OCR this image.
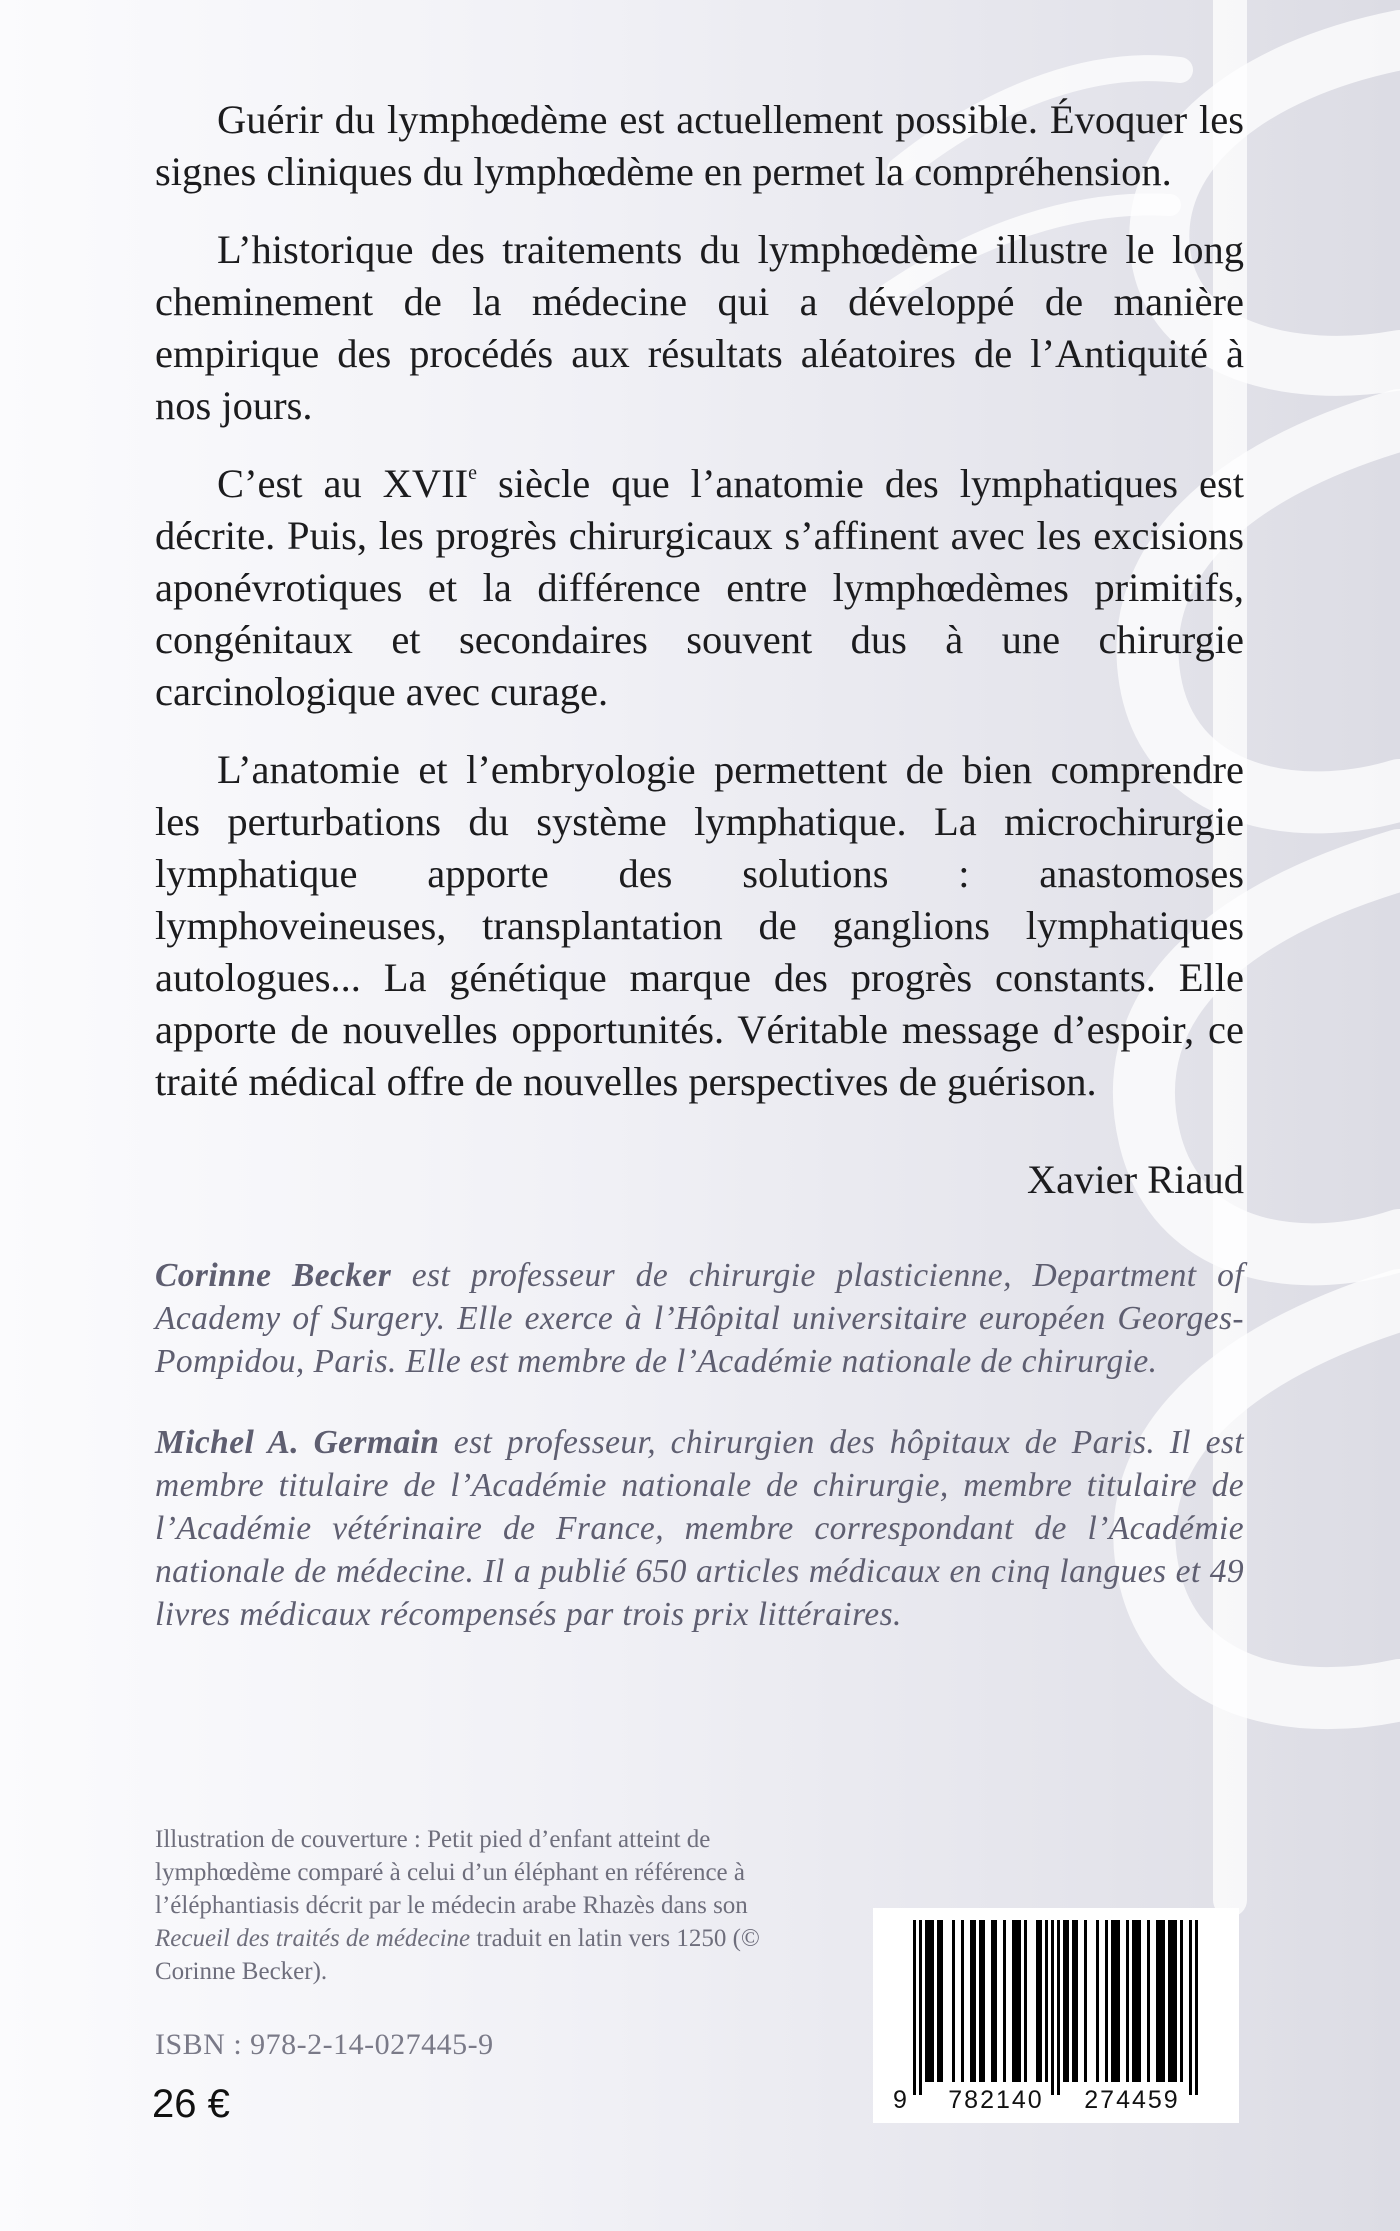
Guérir du lymphœdème est actuellement possible. Évoquer les signes cliniques du lymphœdème en permet la compréhension.

L’historique des traitements du lymphœdème illustre le long cheminement de la médecine qui a développé de manière empirique des procédés aux résultats aléatoires de l’Antiquité à nos jours.

C’est au XVIIe siècle que l’anatomie des lymphatiques est décrite. Puis, les progrès chirurgicaux s’affinent avec les excisions aponévrotiques et la différence entre lymphœdèmes primitifs, congénitaux et secondaires souvent dus à une chirurgie carcinologique avec curage.

L’anatomie et l’embryologie permettent de bien comprendre les perturbations du système lymphatique. La microchirurgie lymphatique apporte des solutions : anastomoses lymphoveineuses, transplantation de ganglions lymphatiques autologues... La génétique marque des progrès constants. Elle apporte de nouvelles opportunités. Véritable message d’espoir, ce traité médical offre de nouvelles perspectives de guérison.

Xavier Riaud

Corinne Becker est professeur de chirurgie plasticienne, Department of Academy of Surgery. Elle exerce à l’Hôpital universitaire européen Georges-Pompidou, Paris. Elle est membre de l’Académie nationale de chirurgie.

Michel A. Germain est professeur, chirurgien des hôpitaux de Paris. Il est membre titulaire de l’Académie nationale de chirurgie, membre titulaire de l’Académie vétérinaire de France, membre correspondant de l’Académie nationale de médecine. Il a publié 650 articles médicaux en cinq langues et 49 livres médicaux récompensés par trois prix littéraires.

Illustration de couverture : Petit pied d’enfant atteint de lymphœdème comparé à celui d’un éléphant en référence à l’éléphantiasis décrit par le médecin arabe Rhazès dans son Recueil des traités de médecine traduit en latin vers 1250 (© Corinne Becker).
ISBN : 978-2-14-027445-9
26 €	9 782140 274459
